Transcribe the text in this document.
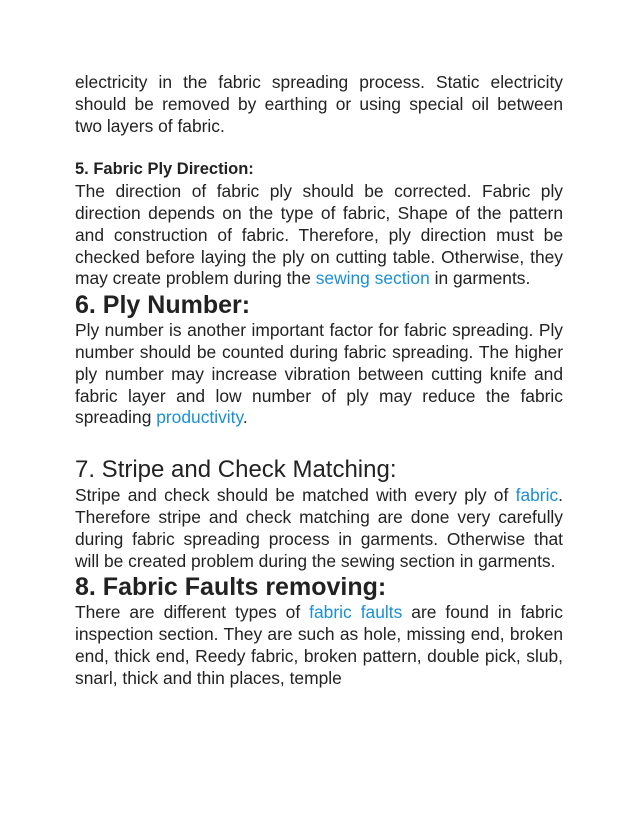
electricity in the fabric spreading process. Static electricity should be removed by earthing or using special oil between two layers of fabric.

5. Fabric Ply Direction:

The direction of fabric ply should be corrected. Fabric ply direction depends on the type of fabric, Shape of the pattern and construction of fabric. Therefore, ply direction must be checked before laying the ply on cutting table. Otherwise, they may create problem during the sewing section in garments.

6. Ply Number:

Ply number is another important factor for fabric spreading. Ply number should be counted during fabric spreading. The higher ply number may increase vibration between cutting knife and fabric layer and low number of ply may reduce the fabric spreading productivity.

7. Stripe and Check Matching:

Stripe and check should be matched with every ply of fabric. Therefore stripe and check matching are done very carefully during fabric spreading process in garments. Otherwise that will be created problem during the sewing section in garments.

8. Fabric Faults removing:

There are different types of fabric faults are found in fabric inspection section. They are such as hole, missing end, broken end, thick end, Reedy fabric, broken pattern, double pick, slub, snarl, thick and thin places, temple
